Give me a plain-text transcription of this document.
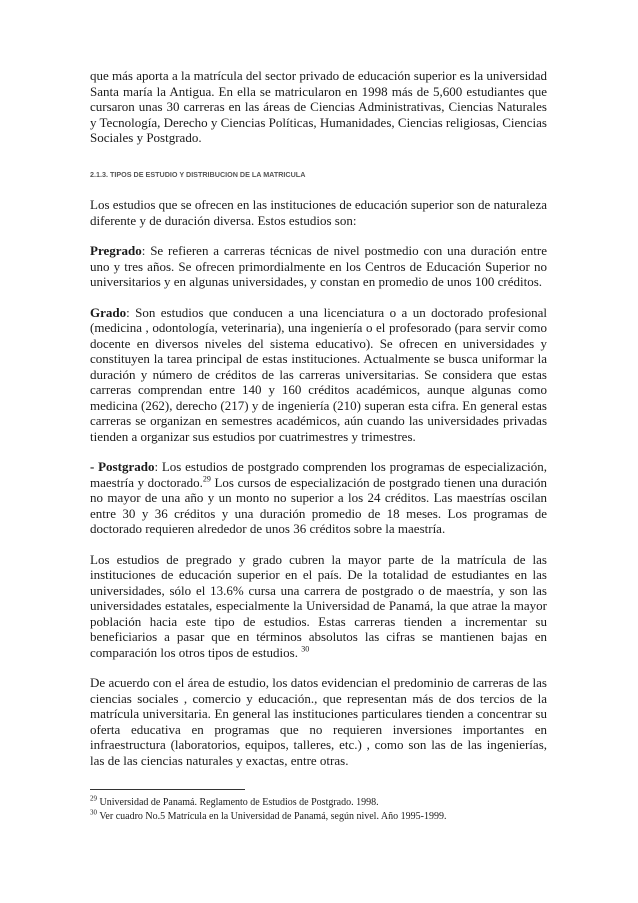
que más aporta a la matrícula del sector privado de educación superior es la universidad Santa maría la Antigua. En ella se matricularon en 1998 más de 5,600 estudiantes que cursaron unas 30 carreras en las áreas de Ciencias Administrativas, Ciencias Naturales y Tecnología, Derecho y Ciencias Políticas, Humanidades, Ciencias religiosas, Ciencias Sociales y Postgrado.

2.1.3. TIPOS DE ESTUDIO Y DISTRIBUCION DE LA MATRICULA

Los estudios que se ofrecen en las instituciones de educación superior son de naturaleza diferente y de duración diversa. Estos estudios son:

Pregrado: Se refieren a carreras técnicas de nivel postmedio con una duración entre uno y tres años. Se ofrecen primordialmente en los Centros de Educación Superior no universitarios y en algunas universidades, y constan en promedio de unos 100 créditos.

Grado: Son estudios que conducen a una licenciatura o a un doctorado profesional (medicina , odontología, veterinaria), una ingeniería o el profesorado (para servir como docente en diversos niveles del sistema educativo). Se ofrecen en universidades y constituyen la tarea principal de estas instituciones. Actualmente se busca uniformar la duración y número de créditos de las carreras universitarias. Se considera que estas carreras comprendan entre 140 y 160 créditos académicos, aunque algunas como medicina (262), derecho (217) y de ingeniería (210) superan esta cifra. En general estas carreras se organizan en semestres académicos, aún cuando las universidades privadas tienden a organizar sus estudios por cuatrimestres y trimestres.

- Postgrado: Los estudios de postgrado comprenden los programas de especialización, maestría y doctorado.$^{29}$ Los cursos de especialización de postgrado tienen una duración no mayor de una año y un monto no superior a los 24 créditos. Las maestrías oscilan entre 30 y 36 créditos y una duración promedio de 18 meses. Los programas de doctorado requieren alrededor de unos 36 créditos sobre la maestría.

Los estudios de pregrado y grado cubren la mayor parte de la matrícula de las instituciones de educación superior en el país. De la totalidad de estudiantes en las universidades, sólo el 13.6% cursa una carrera de postgrado o de maestría, y son las universidades estatales, especialmente la Universidad de Panamá, la que atrae la mayor población hacia este tipo de estudios. Estas carreras tienden a incrementar su beneficiarios a pasar que en términos absolutos las cifras se mantienen bajas en comparación los otros tipos de estudios. $^{30}$

De acuerdo con el área de estudio, los datos evidencian el predominio de carreras de las ciencias sociales , comercio y educación., que representan más de dos tercios de la matrícula universitaria. En general las instituciones particulares tienden a concentrar su oferta educativa en programas que no requieren inversiones importantes en infraestructura (laboratorios, equipos, talleres, etc.) , como son las de las ingenierías, las de las ciencias naturales y exactas, entre otras.

$^{29}$ Universidad de Panamá. Reglamento de Estudios de Postgrado. 1998.
$^{30}$ Ver cuadro No.5 Matrícula en la Universidad de Panamá, según nivel. Año 1995-1999.
